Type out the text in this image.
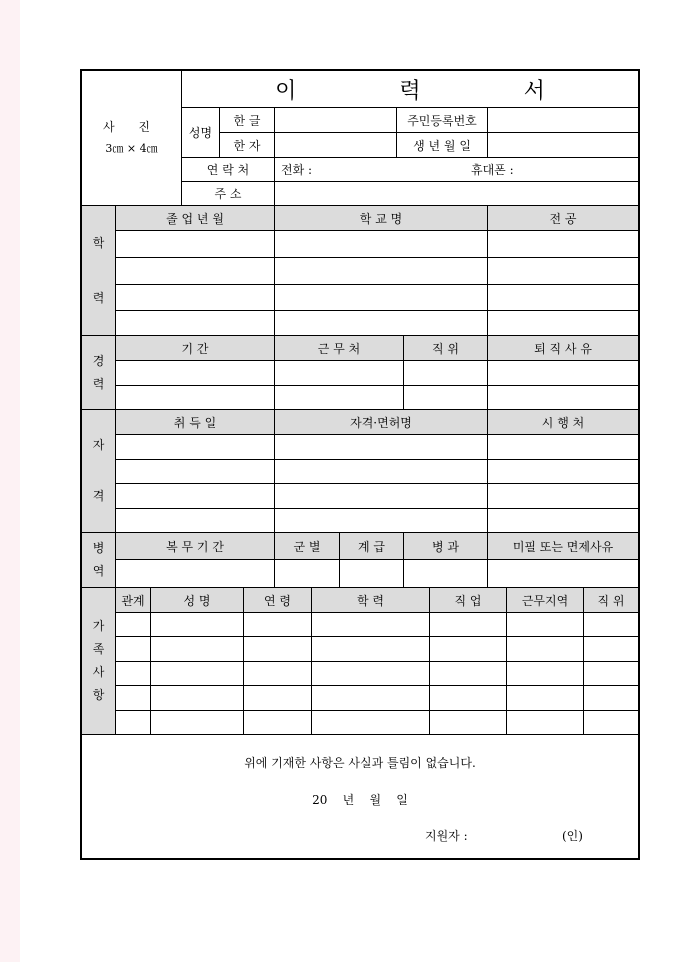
사 진
3㎝ × 4㎝
이 력 서
성명
한 글	주민등록번호
한 자	생 년 월 일
연 락 처	전화 :	휴대폰 :
주 소
학
력
졸 업 년 월	학 교 명	전 공
경
력
기 간	근 무 처	직 위	퇴 직 사 유
자
격
취 득 일	자격·면허명	시 행 처
병
역
복 무 기 간	군 별	계 급	병 과	미필 또는 면제사유
가
족
사
항
관계	성 명	연 령	학 력	직 업	근무지역	직 위
위에 기재한 사항은 사실과 틀림이 없습니다.
20    년    월    일
지원자 :	(인)
